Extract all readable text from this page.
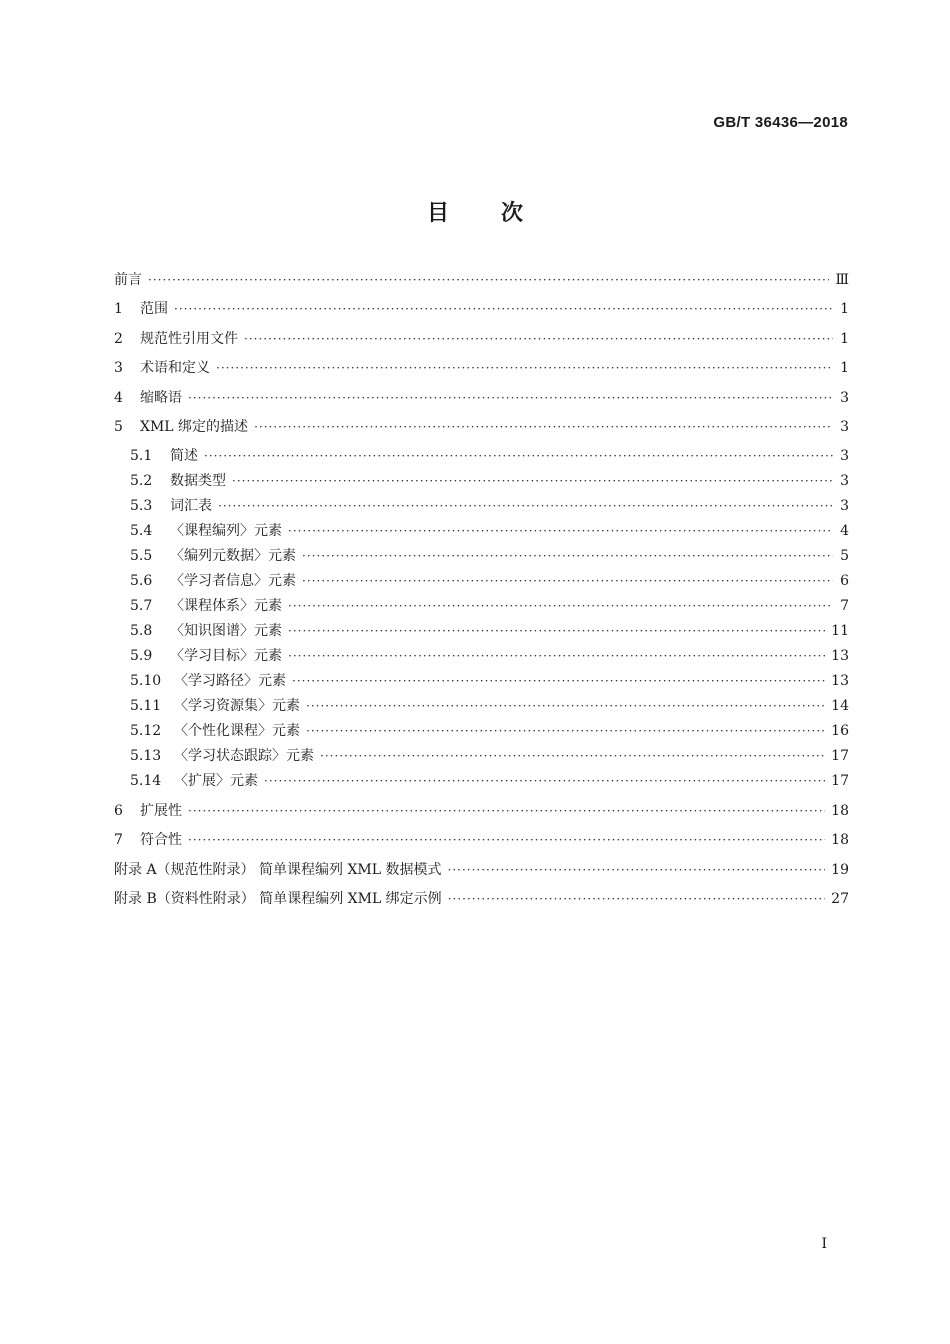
GB/T 36436—2018
目次
前言 ·····	Ⅲ
1	范围 ·····	1
2	规范性引用文件 ·····	1
3	术语和定义 ·····	1
4	缩略语 ·····	3
5	XML 绑定的描述 ·····	3
5.1	简述 ·····	3
5.2	数据类型 ·····	3
5.3	词汇表 ·····	3
5.4	〈课程编列〉元素 ·····	4
5.5	〈编列元数据〉元素 ·····	5
5.6	〈学习者信息〉元素 ·····	6
5.7	〈课程体系〉元素 ·····	7
5.8	〈知识图谱〉元素 ·····	11
5.9	〈学习目标〉元素 ·····	13
5.10 〈学习路径〉元素 ·····	13
5.11 〈学习资源集〉元素 ·····	14
5.12 〈个性化课程〉元素 ·····	16
5.13 〈学习状态跟踪〉元素 ·····	17
5.14 〈扩展〉元素 ·····	17
6	扩展性 ·····	18
7	符合性 ·····	18
附录 A（规范性附录） 简单课程编列 XML 数据模式 ·····	19
附录 B（资料性附录） 简单课程编列 XML 绑定示例 ·····	27
Ⅰ
